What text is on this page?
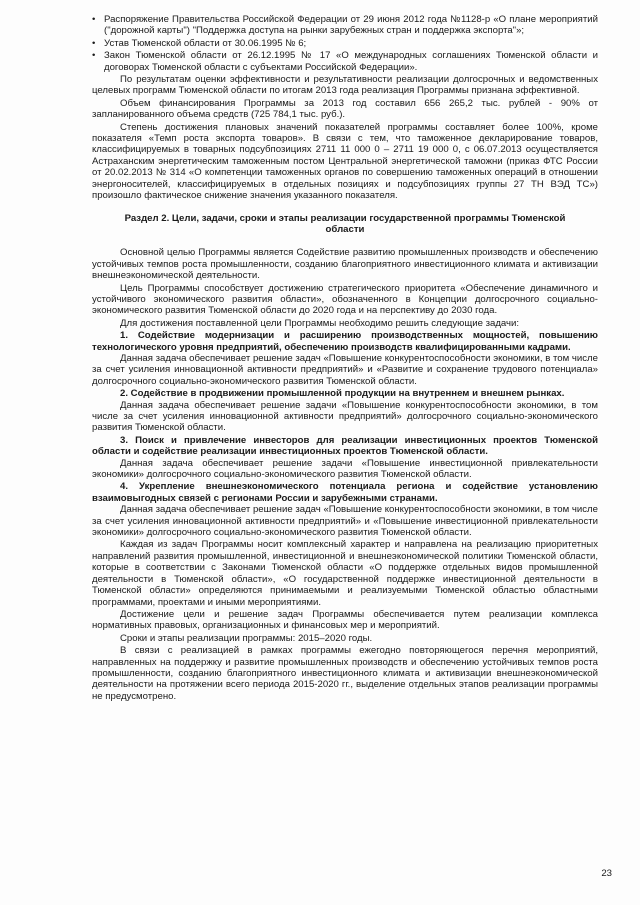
• Распоряжение Правительства Российской Федерации от 29 июня 2012 года №1128-р «О плане мероприятий ("дорожной карты") "Поддержка доступа на рынки зарубежных стран и поддержка экспорта"»;
• Устав Тюменской области от 30.06.1995 № 6;
• Закон Тюменской области от 26.12.1995 № 17 «О международных соглашениях Тюменской области и договорах Тюменской области с субъектами Российской Федерации».

По результатам оценки эффективности и результативности реализации долгосрочных и ведомственных целевых программ Тюменской области по итогам 2013 года реализация Программы признана эффективной.

Объем финансирования Программы за 2013 год составил 656 265,2 тыс. рублей - 90% от запланированного объема средств (725 784,1 тыс. руб.).

Степень достижения плановых значений показателей программы составляет более 100%, кроме показателя «Темп роста экспорта товаров». В связи с тем, что таможенное декларирование товаров, классифицируемых в товарных подсубпозициях 2711 11 000 0 – 2711 19 000 0, с 06.07.2013 осуществляется Астраханским энергетическим таможенным постом Центральной энергетической таможни (приказ ФТС России от 20.02.2013 № 314 «О компетенции таможенных органов по совершению таможенных операций в отношении энергоносителей, классифицируемых в отдельных позициях и подсубпозициях группы 27 ТН ВЭД ТС») произошло фактическое снижение значения указанного показателя.

Раздел 2. Цели, задачи, сроки и этапы реализации государственной программы Тюменской области

Основной целью Программы является Содействие развитию промышленных производств и обеспечению устойчивых темпов роста промышленности, созданию благоприятного инвестиционного климата и активизации внешнеэкономической деятельности.

Цель Программы способствует достижению стратегического приоритета «Обеспечение динамичного и устойчивого экономического развития области», обозначенного в Концепции долгосрочного социально-экономического развития Тюменской области до 2020 года и на перспективу до 2030 года.

Для достижения поставленной цели Программы необходимо решить следующие задачи:

1. Содействие модернизации и расширению производственных мощностей, повышению технологического уровня предприятий, обеспечению производств квалифицированными кадрами.

Данная задача обеспечивает решение задач «Повышение конкурентоспособности экономики, в том числе за счет усиления инновационной активности предприятий» и «Развитие и сохранение трудового потенциала» долгосрочного социально-экономического развития Тюменской области.

2. Содействие в продвижении промышленной продукции на внутреннем и внешнем рынках.

Данная задача обеспечивает решение задачи «Повышение конкурентоспособности экономики, в том числе за счет усиления инновационной активности предприятий» долгосрочного социально-экономического развития Тюменской области.

3. Поиск и привлечение инвесторов для реализации инвестиционных проектов Тюменской области и содействие реализации инвестиционных проектов Тюменской области.

Данная задача обеспечивает решение задачи «Повышение инвестиционной привлекательности экономики» долгосрочного социально-экономического развития Тюменской области.

4. Укрепление внешнеэкономического потенциала региона и содействие установлению взаимовыгодных связей с регионами России и зарубежными странами.

Данная задача обеспечивает решение задач «Повышение конкурентоспособности экономики, в том числе за счет усиления инновационной активности предприятий» и «Повышение инвестиционной привлекательности экономики» долгосрочного социально-экономического развития Тюменской области.

Каждая из задач Программы носит комплексный характер и направлена на реализацию приоритетных направлений развития промышленной, инвестиционной и внешнеэкономической политики Тюменской области, которые в соответствии с Законами Тюменской области «О поддержке отдельных видов промышленной деятельности в Тюменской области», «О государственной поддержке инвестиционной деятельности в Тюменской области» определяются принимаемыми и реализуемыми Тюменской областью областными программами, проектами и иными мероприятиями.

Достижение цели и решение задач Программы обеспечивается путем реализации комплекса нормативных правовых, организационных и финансовых мер и мероприятий.

Сроки и этапы реализации программы: 2015–2020 годы.

В связи с реализацией в рамках программы ежегодно повторяющегося перечня мероприятий, направленных на поддержку и развитие промышленных производств и обеспечению устойчивых темпов роста промышленности, созданию благоприятного инвестиционного климата и активизации внешнеэкономической деятельности на протяжении всего периода 2015-2020 гг., выделение отдельных этапов реализации программы не предусмотрено.

23
